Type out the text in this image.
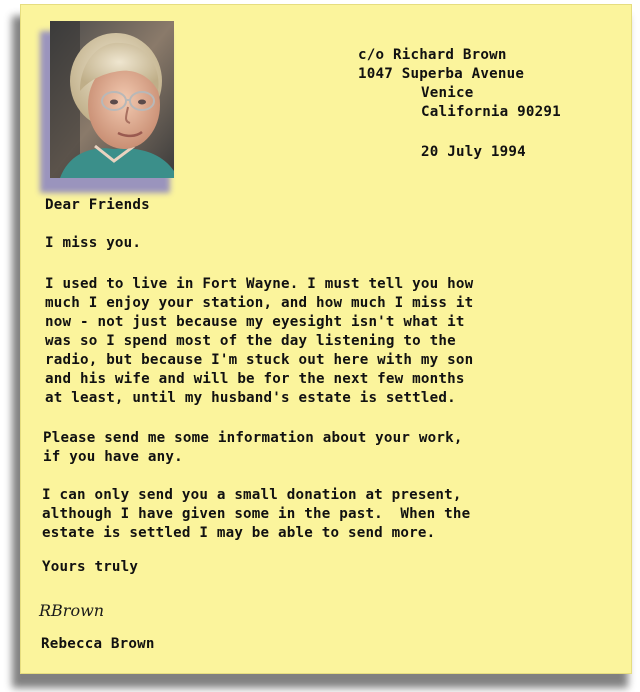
c/o Richard Brown
1047 Superba Avenue
Venice
California 90291
20 July 1994
Dear Friends
I miss you.
I used to live in Fort Wayne. I must tell you how
much I enjoy your station, and how much I miss it
now - not just because my eyesight isn't what it
was so I spend most of the day listening to the
radio, but because I'm stuck out here with my son
and his wife and will be for the next few months
at least, until my husband's estate is settled.
Please send me some information about your work,
if you have any.
I can only send you a small donation at present,
although I have given some in the past.  When the
estate is settled I may be able to send more.
Yours truly
RBrown
Rebecca Brown
